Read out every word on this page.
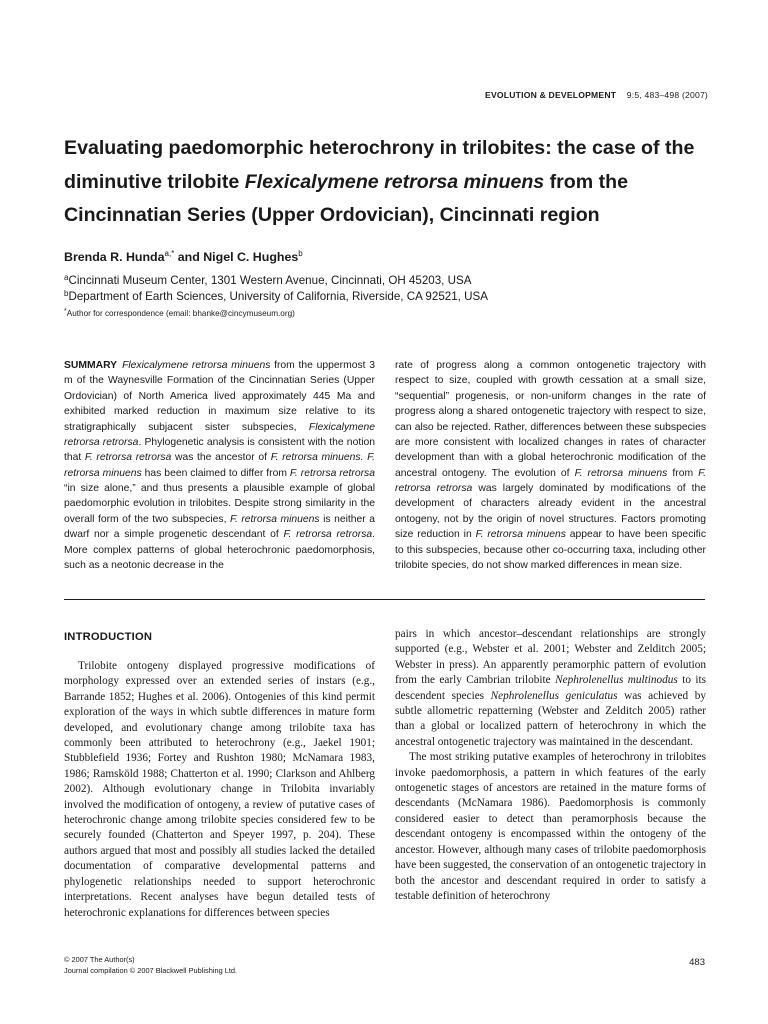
EVOLUTION & DEVELOPMENT 9:5, 483–498 (2007)
Evaluating paedomorphic heterochrony in trilobites: the case of the
diminutive trilobite Flexicalymene retrorsa minuens from the
Cincinnatian Series (Upper Ordovician), Cincinnati region
Brenda R. Hunda$^{a,*}$ and Nigel C. Hughes$^b$
$^a$Cincinnati Museum Center, 1301 Western Avenue, Cincinnati, OH 45203, USA
$^b$Department of Earth Sciences, University of California, Riverside, CA 92521, USA
*Author for correspondence (email: bhanke@cincymuseum.org)
SUMMARY Flexicalymene retrorsa minuens from the uppermost 3 m of the Waynesville Formation of the Cincinnatian Series (Upper Ordovician) of North America lived approximately 445 Ma and exhibited marked reduction in maximum size relative to its stratigraphically subjacent sister subspecies, Flexicalymene retrorsa retrorsa. Phylogenetic analysis is consistent with the notion that F. retrorsa retrorsa was the ancestor of F. retrorsa minuens. F. retrorsa minuens has been claimed to differ from F. retrorsa retrorsa “in size alone,” and thus presents a plausible example of global paedomorphic evolution in trilobites. Despite strong similarity in the overall form of the two subspecies, F. retrorsa minuens is neither a dwarf nor a simple progenetic descendant of F. retrorsa retrorsa. More complex patterns of global heterochronic paedomorphosis, such as a neotonic decrease in the
rate of progress along a common ontogenetic trajectory with respect to size, coupled with growth cessation at a small size, “sequential” progenesis, or non-uniform changes in the rate of progress along a shared ontogenetic trajectory with respect to size, can also be rejected. Rather, differences between these subspecies are more consistent with localized changes in rates of character development than with a global heterochronic modification of the ancestral ontogeny. The evolution of F. retrorsa minuens from F. retrorsa retrorsa was largely dominated by modifications of the development of characters already evident in the ancestral ontogeny, not by the origin of novel structures. Factors promoting size reduction in F. retrorsa minuens appear to have been specific to this subspecies, because other co-occurring taxa, including other trilobite species, do not show marked differences in mean size.
INTRODUCTION

Trilobite ontogeny displayed progressive modifications of morphology expressed over an extended series of instars (e.g., Barrande 1852; Hughes et al. 2006). Ontogenies of this kind permit exploration of the ways in which subtle differences in mature form developed, and evolutionary change among trilobite taxa has commonly been attributed to heterochrony (e.g., Jaekel 1901; Stubblefield 1936; Fortey and Rushton 1980; McNamara 1983, 1986; Ramsköld 1988; Chatterton et al. 1990; Clarkson and Ahlberg 2002). Although evolutionary change in Trilobita invariably involved the modification of ontogeny, a review of putative cases of heterochronic change among trilobite species considered few to be securely founded (Chatterton and Speyer 1997, p. 204). These authors argued that most and possibly all studies lacked the detailed documentation of comparative developmental patterns and phylogenetic relationships needed to support heterochronic interpretations. Recent analyses have begun detailed tests of heterochronic explanations for differences between species

pairs in which ancestor–descendant relationships are strongly supported (e.g., Webster et al. 2001; Webster and Zelditch 2005; Webster in press). An apparently peramorphic pattern of evolution from the early Cambrian trilobite Nephrolenellus multinodus to its descendent species Nephrolenellus geniculatus was achieved by subtle allometric repatterning (Webster and Zelditch 2005) rather than a global or localized pattern of heterochrony in which the ancestral ontogenetic trajectory was maintained in the descendant.

The most striking putative examples of heterochrony in trilobites invoke paedomorphosis, a pattern in which features of the early ontogenetic stages of ancestors are retained in the mature forms of descendants (McNamara 1986). Paedomorphosis is commonly considered easier to detect than peramorphosis because the descendant ontogeny is encompassed within the ontogeny of the ancestor. However, although many cases of trilobite paedomorphosis have been suggested, the conservation of an ontogenetic trajectory in both the ancestor and descendant required in order to satisfy a testable definition of heterochrony

© 2007 The Author(s)
Journal compilation © 2007 Blackwell Publishing Ltd.
483
